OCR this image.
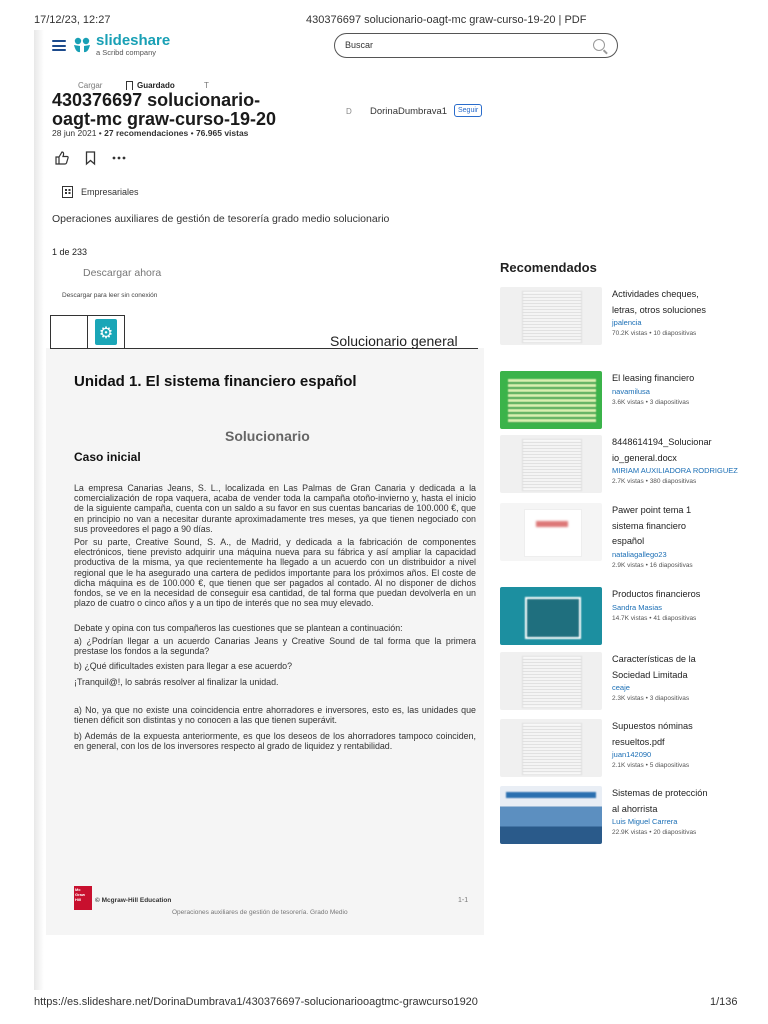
17/12/23, 12:27	430376697 solucionario-oagt-mc graw-curso-19-20 | PDF
slideshare
a Scribd company
Buscar
Cargar	Guardado	T
430376697 solucionario-oagt-mc graw-curso-19-20
28 jun 2021 • 27 recomendaciones • 76.965 vistas
D DorinaDumbrava1	Seguir
Empresariales
Operaciones auxiliares de gestión de tesorería grado medio solucionario
1 de 233
Descargar ahora
Descargar para leer sin conexión
⚙	Solucionario general
Unidad 1. El sistema financiero español
Solucionario
Caso inicial
La empresa Canarias Jeans, S. L., localizada en Las Palmas de Gran Canaria y dedicada a la comercialización de ropa vaquera, acaba de vender toda la campaña otoño-invierno y, hasta el inicio de la siguiente campaña, cuenta con un saldo a su favor en sus cuentas bancarias de 100.000 €, que en principio no van a necesitar durante aproximadamente tres meses, ya que tienen negociado con sus proveedores el pago a 90 días.
Por su parte, Creative Sound, S. A., de Madrid, y dedicada a la fabricación de componentes electrónicos, tiene previsto adquirir una máquina nueva para su fábrica y así ampliar la capacidad productiva de la misma, ya que recientemente ha llegado a un acuerdo con un distribuidor a nivel regional que le ha asegurado una cartera de pedidos importante para los próximos años. El coste de dicha máquina es de 100.000 €, que tienen que ser pagados al contado. Al no disponer de dichos fondos, se ve en la necesidad de conseguir esa cantidad, de tal forma que puedan devolverla en un plazo de cuatro o cinco años y a un tipo de interés que no sea muy elevado.
Debate y opina con tus compañeros las cuestiones que se plantean a continuación:
a) ¿Podrían llegar a un acuerdo Canarias Jeans y Creative Sound de tal forma que la primera prestase los fondos a la segunda?
b) ¿Qué dificultades existen para llegar a ese acuerdo?
¡Tranquil@!, lo sabrás resolver al finalizar la unidad.
a) No, ya que no existe una coincidencia entre ahorradores e inversores, esto es, las unidades que tienen déficit son distintas y no conocen a las que tienen superávit.
b) Además de la expuesta anteriormente, es que los deseos de los ahorradores tampoco coinciden, en general, con los de los inversores respecto al grado de liquidez y rentabilidad.
Mc Graw Hill	© Mcgraw-Hill Education
Operaciones auxiliares de gestión de tesorería. Grado Medio
1-1
Recomendados
Actividades cheques, letras, otros soluciones
jpalencia
70.2K vistas • 10 diapositivas
El leasing financiero
navamilusa
3.6K vistas • 3 diapositivas
8448614194_Solucionario_general.docx
MIRIAM AUXILIADORA RODRIGUEZ
2.7K vistas • 380 diapositivas
Pawer point tema 1 sistema financiero español
nataliagallego23
2.9K vistas • 16 diapositivas
Productos financieros
Sandra Masias
14.7K vistas • 41 diapositivas
Características de la Sociedad Limitada
ceaje
2.3K vistas • 3 diapositivas
Supuestos nóminas resueltos.pdf
juan142090
2.1K vistas • 5 diapositivas
Sistemas de protección al ahorrista
Luis Miguel Carrera
22.9K vistas • 20 diapositivas
https://es.slideshare.net/DorinaDumbrava1/430376697-solucionariooagtmc-grawcurso1920	1/136
